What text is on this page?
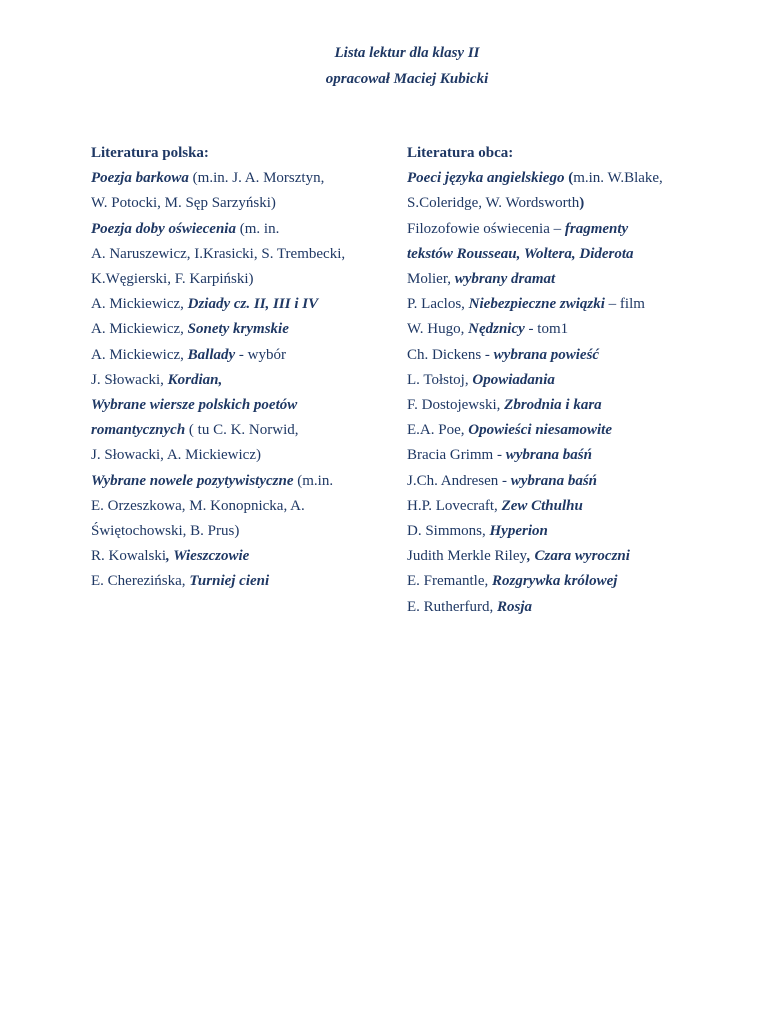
Lista lektur dla klasy II
opracował Maciej Kubicki
Literatura polska:
Poezja barkowa (m.in. J. A. Morsztyn,
W. Potocki, M. Sęp Sarzyński)
Poezja doby oświecenia (m. in.
A. Naruszewicz, I.Krasicki, S. Trembecki,
K.Węgierski, F. Karpiński)
A. Mickiewicz, Dziady cz. II, III i IV
A. Mickiewicz, Sonety krymskie
A. Mickiewicz, Ballady - wybór
J. Słowacki, Kordian,
Wybrane wiersze polskich poetów
romantycznych ( tu C. K. Norwid,
J. Słowacki, A. Mickiewicz)
Wybrane nowele pozytywistyczne (m.in.
E. Orzeszkowa, M. Konopnicka, A.
Świętochowski, B. Prus)
R. Kowalski, Wieszczowie
E. Cherezińska, Turniej cieni
Literatura obca:
Poeci języka angielskiego (m.in. W.Blake,
S.Coleridge, W. Wordsworth)
Filozofowie oświecenia – fragmenty
tekstów Rousseau, Woltera, Diderota
Molier, wybrany dramat
P. Laclos, Niebezpieczne związki – film
W. Hugo, Nędznicy - tom1
Ch. Dickens - wybrana powieść
L. Tołstoj, Opowiadania
F. Dostojewski, Zbrodnia i kara
E.A. Poe, Opowieści niesamowite
Bracia Grimm - wybrana baśń
J.Ch. Andresen - wybrana baśń
H.P. Lovecraft, Zew Cthulhu
D. Simmons, Hyperion
Judith Merkle Riley, Czara wyroczni
E. Fremantle, Rozgrywka królowej
E. Rutherfurd, Rosja
